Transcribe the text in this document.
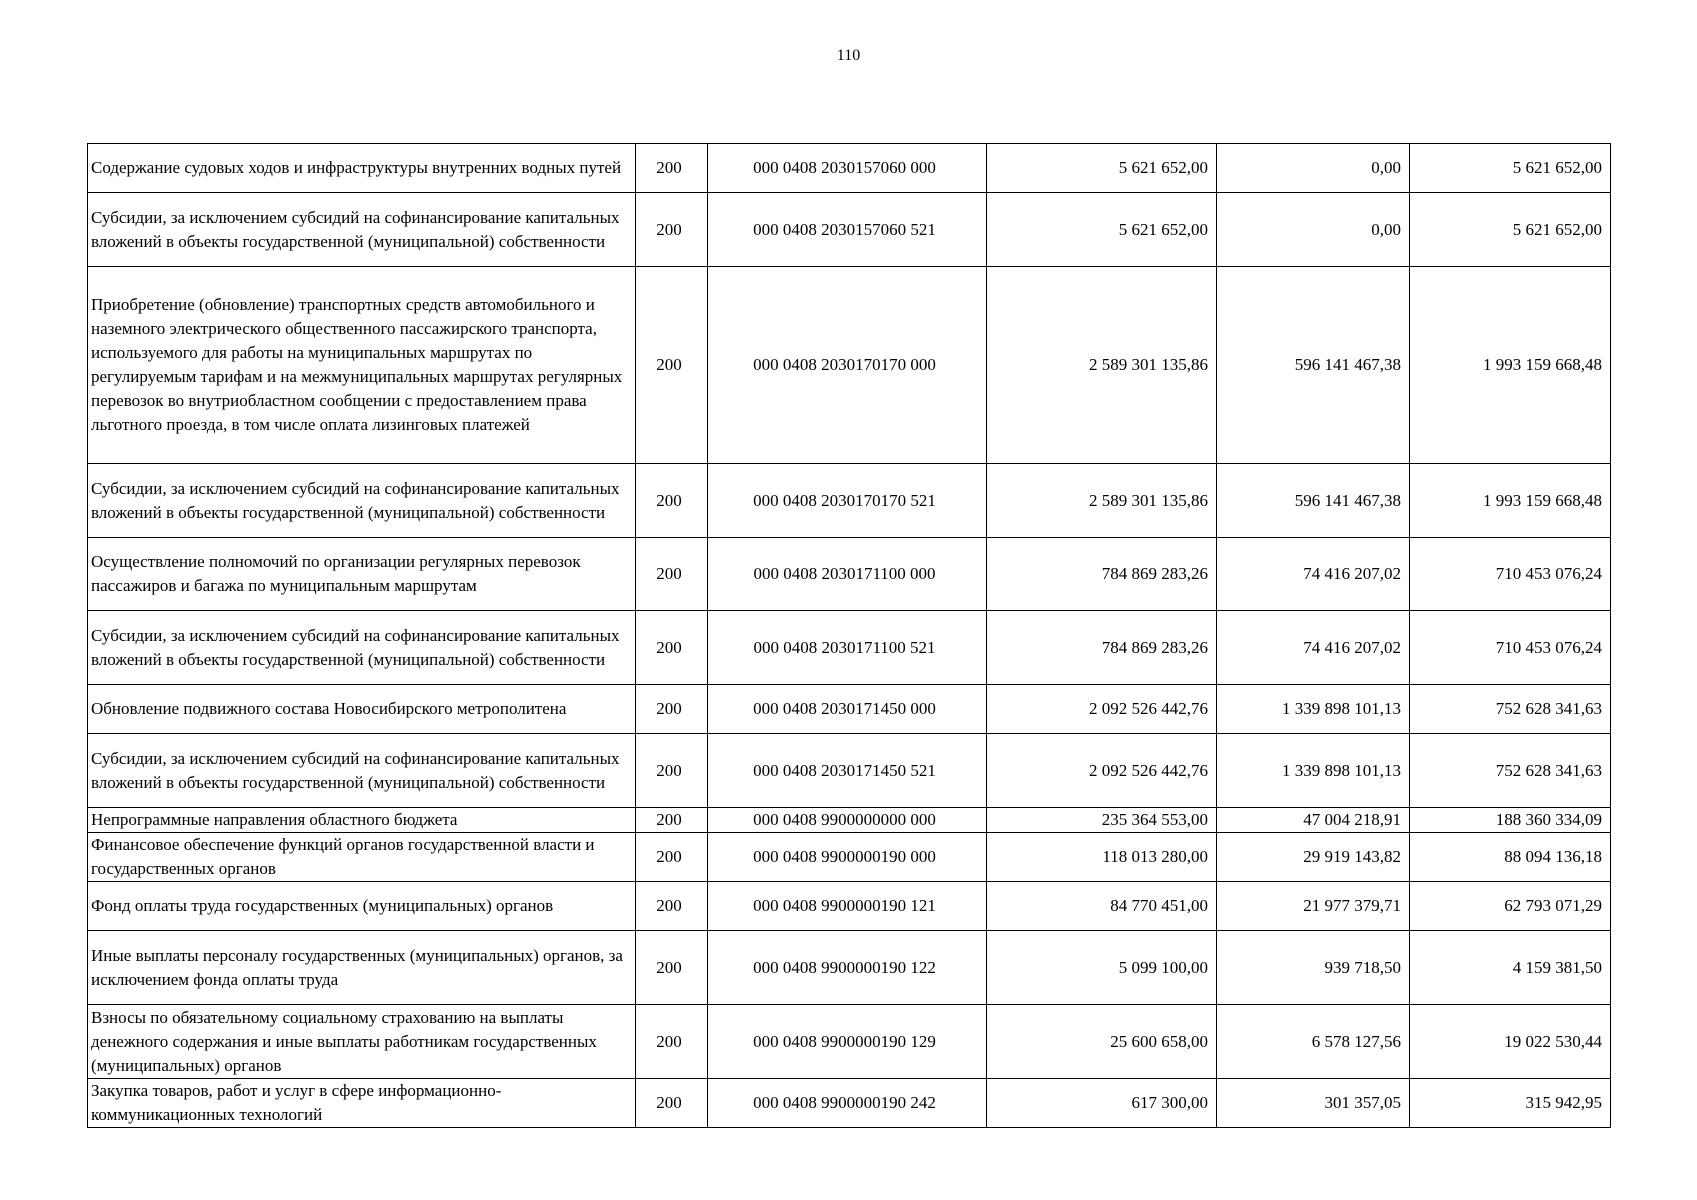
110
Содержание судовых ходов и инфраструктуры внутренних водных путей	200	000 0408 2030157060 000	5 621 652,00	0,00	5 621 652,00
Субсидии, за исключением субсидий на софинансирование капитальных вложений в объекты государственной (муниципальной) собственности	200	000 0408 2030157060 521	5 621 652,00	0,00	5 621 652,00
Приобретение (обновление) транспортных средств автомобильного и наземного электрического общественного пассажирского транспорта, используемого для работы на муниципальных маршрутах по регулируемым тарифам и на межмуниципальных маршрутах регулярных перевозок во внутриобластном сообщении с предоставлением права льготного проезда, в том числе оплата лизинговых платежей	200	000 0408 2030170170 000	2 589 301 135,86	596 141 467,38	1 993 159 668,48
Субсидии, за исключением субсидий на софинансирование капитальных вложений в объекты государственной (муниципальной) собственности	200	000 0408 2030170170 521	2 589 301 135,86	596 141 467,38	1 993 159 668,48
Осуществление полномочий по организации регулярных перевозок пассажиров и багажа по муниципальным маршрутам	200	000 0408 2030171100 000	784 869 283,26	74 416 207,02	710 453 076,24
Субсидии, за исключением субсидий на софинансирование капитальных вложений в объекты государственной (муниципальной) собственности	200	000 0408 2030171100 521	784 869 283,26	74 416 207,02	710 453 076,24
Обновление подвижного состава Новосибирского метрополитена	200	000 0408 2030171450 000	2 092 526 442,76	1 339 898 101,13	752 628 341,63
Субсидии, за исключением субсидий на софинансирование капитальных вложений в объекты государственной (муниципальной) собственности	200	000 0408 2030171450 521	2 092 526 442,76	1 339 898 101,13	752 628 341,63
Непрограммные направления областного бюджета	200	000 0408 9900000000 000	235 364 553,00	47 004 218,91	188 360 334,09
Финансовое обеспечение функций органов государственной власти и государственных органов	200	000 0408 9900000190 000	118 013 280,00	29 919 143,82	88 094 136,18
Фонд оплаты труда государственных (муниципальных) органов	200	000 0408 9900000190 121	84 770 451,00	21 977 379,71	62 793 071,29
Иные выплаты персоналу государственных (муниципальных) органов, за исключением фонда оплаты труда	200	000 0408 9900000190 122	5 099 100,00	939 718,50	4 159 381,50
Взносы по обязательному социальному страхованию на выплаты денежного содержания и иные выплаты работникам государственных (муниципальных) органов	200	000 0408 9900000190 129	25 600 658,00	6 578 127,56	19 022 530,44
Закупка товаров, работ и услуг в сфере информационно-коммуникационных технологий	200	000 0408 9900000190 242	617 300,00	301 357,05	315 942,95
